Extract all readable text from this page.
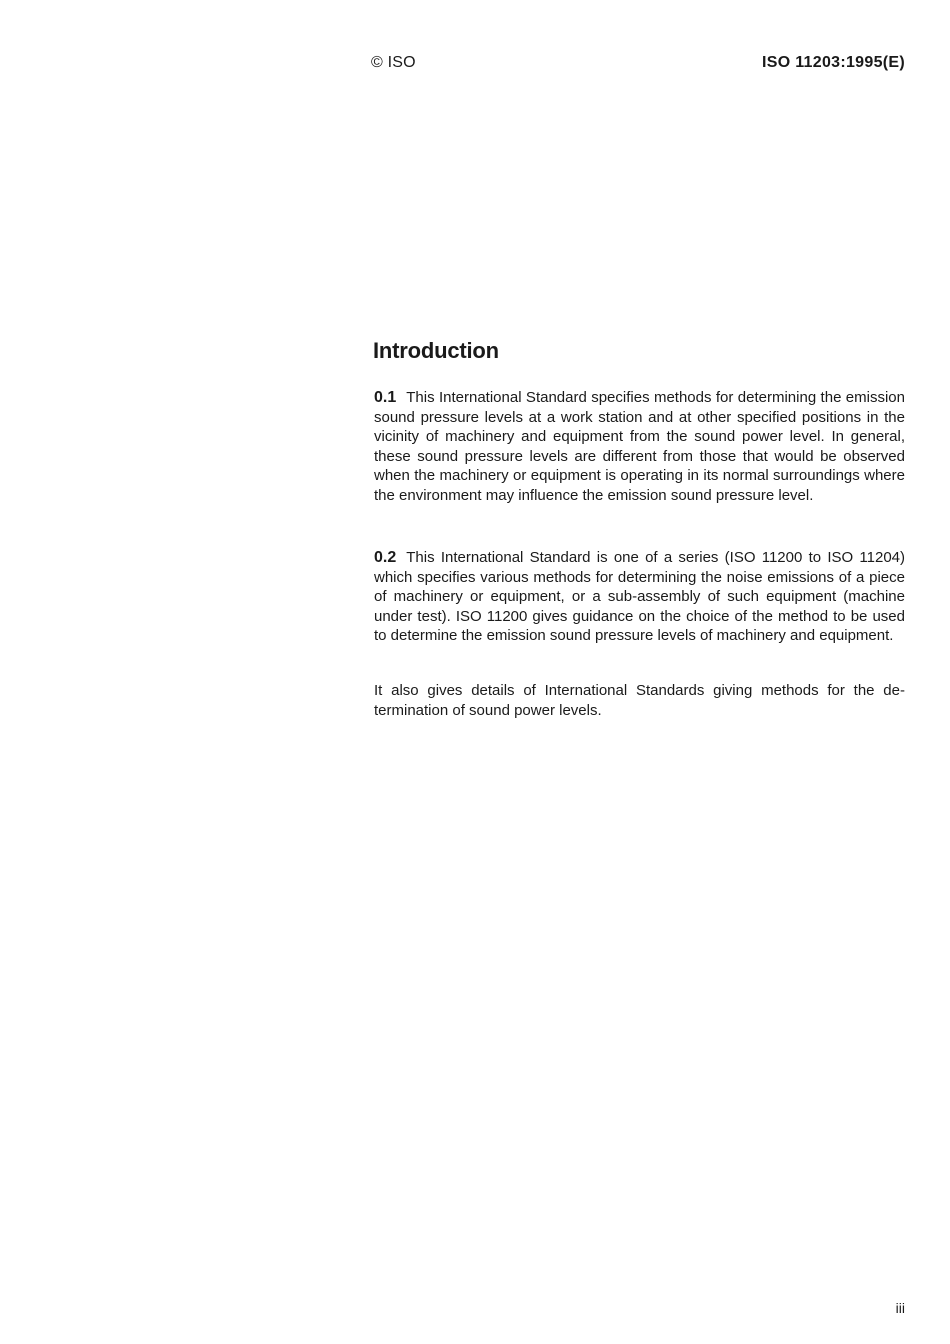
© ISO	ISO 11203:1995(E)
Introduction

0.1 This International Standard specifies methods for determining the emission sound pressure levels at a work station and at other specified positions in the vicinity of machinery and equipment from the sound power level. In general, these sound pressure levels are different from those that would be observed when the machinery or equipment is operating in its normal surroundings where the environment may influence the emission sound pressure level.

0.2 This International Standard is one of a series (ISO 11200 to ISO 11204) which specifies various methods for determining the noise emissions of a piece of machinery or equipment, or a sub-assembly of such equipment (machine under test). ISO 11200 gives guidance on the choice of the method to be used to determine the emission sound pressure levels of machinery and equipment.

It also gives details of International Standards giving methods for the determination of sound power levels.

iii
